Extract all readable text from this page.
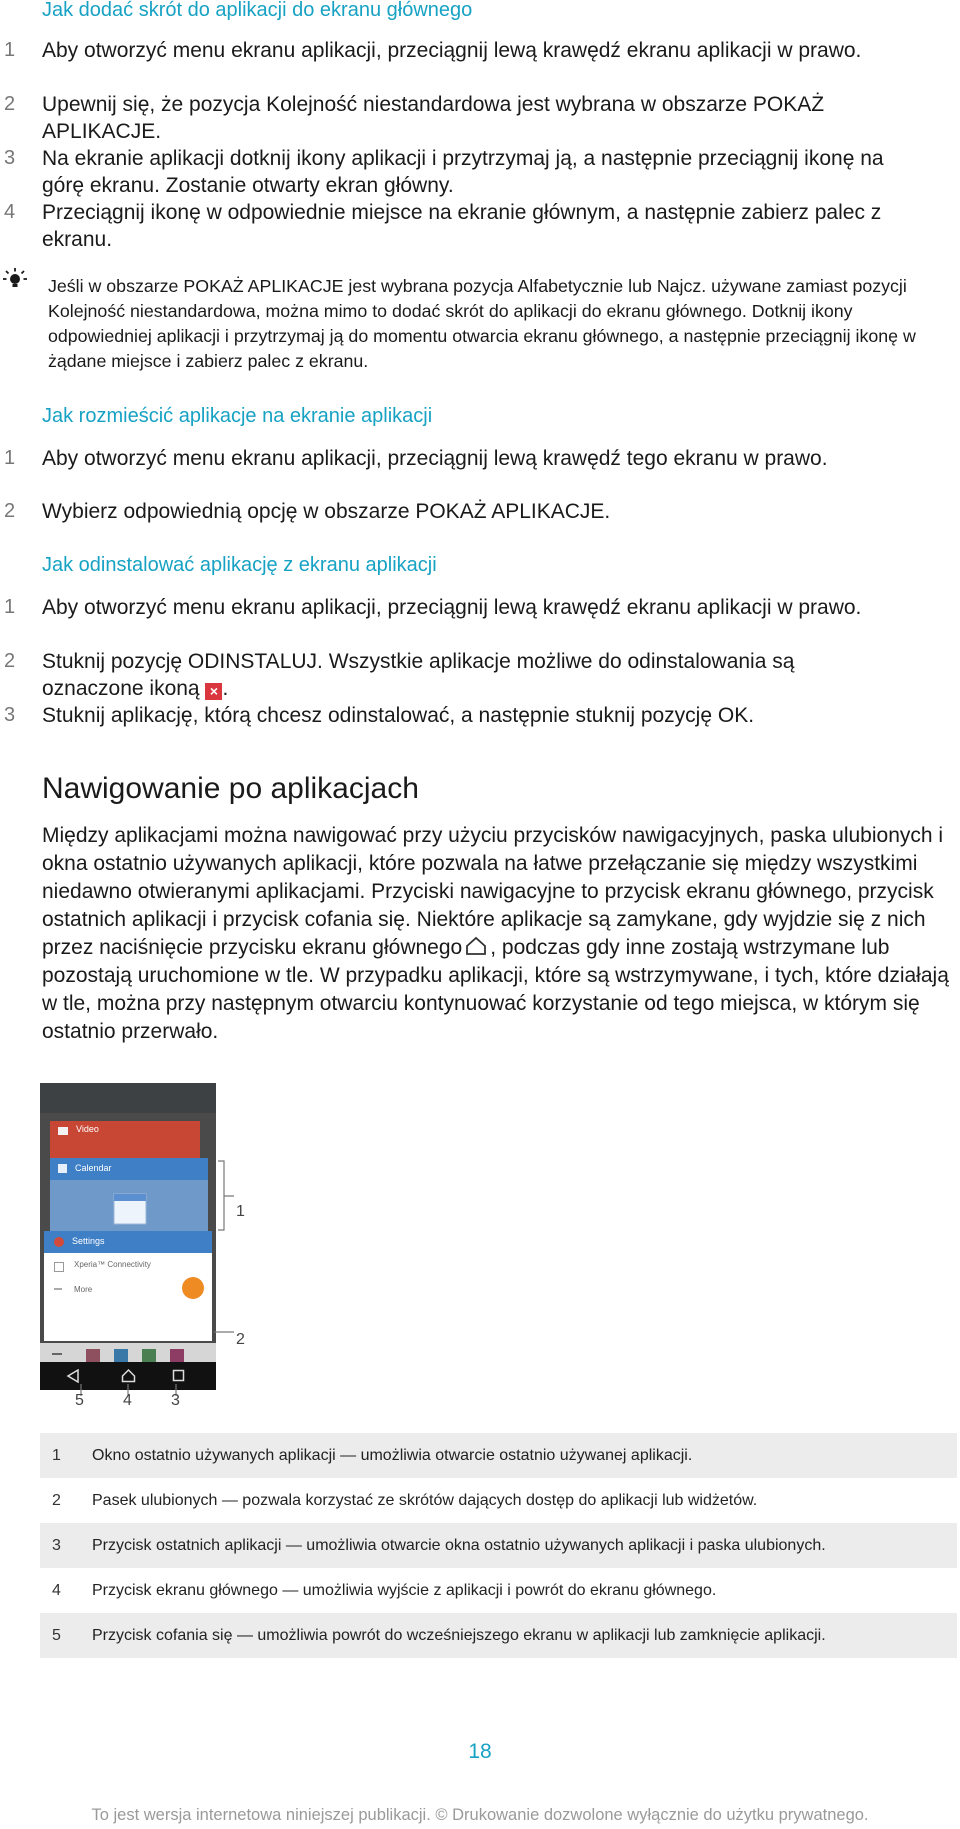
Jak dodać skrót do aplikacji do ekranu głównego
1	Aby otworzyć menu ekranu aplikacji, przeciągnij lewą krawędź ekranu aplikacji w prawo.
2	Upewnij się, że pozycja Kolejność niestandardowa jest wybrana w obszarze POKAŻ APLIKACJE.
3	Na ekranie aplikacji dotknij ikony aplikacji i przytrzymaj ją, a następnie przeciągnij ikonę na górę ekranu. Zostanie otwarty ekran główny.
4	Przeciągnij ikonę w odpowiednie miejsce na ekranie głównym, a następnie zabierz palec z ekranu.
Jeśli w obszarze POKAŻ APLIKACJE jest wybrana pozycja Alfabetycznie lub Najcz. używane zamiast pozycji Kolejność niestandardowa, można mimo to dodać skrót do aplikacji do ekranu głównego. Dotknij ikony odpowiedniej aplikacji i przytrzymaj ją do momentu otwarcia ekranu głównego, a następnie przeciągnij ikonę w żądane miejsce i zabierz palec z ekranu.
Jak rozmieścić aplikacje na ekranie aplikacji
1	Aby otworzyć menu ekranu aplikacji, przeciągnij lewą krawędź tego ekranu w prawo.
2	Wybierz odpowiednią opcję w obszarze POKAŻ APLIKACJE.
Jak odinstalować aplikację z ekranu aplikacji
1	Aby otworzyć menu ekranu aplikacji, przeciągnij lewą krawędź ekranu aplikacji w prawo.
2	Stuknij pozycję ODINSTALUJ. Wszystkie aplikacje możliwe do odinstalowania są oznaczone ikoną × .
3	Stuknij aplikację, którą chcesz odinstalować, a następnie stuknij pozycję OK.
Nawigowanie po aplikacjach
Między aplikacjami można nawigować przy użyciu przycisków nawigacyjnych, paska ulubionych i okna ostatnio używanych aplikacji, które pozwala na łatwe przełączanie się między wszystkimi niedawno otwieranymi aplikacjami. Przyciski nawigacyjne to przycisk ekranu głównego, przycisk ostatnich aplikacji i przycisk cofania się. Niektóre aplikacje są zamykane, gdy wyjdzie się z nich przez naciśnięcie przycisku ekranu głównego , podczas gdy inne zostają wstrzymane lub pozostają uruchomione w tle. W przypadku aplikacji, które są wstrzymywane, i tych, które działają w tle, można przy następnym otwarciu kontynuować korzystanie od tego miejsca, w którym się ostatnio przerwało.
Video
Calendar
Settings
Xperia™ Connectivity
More
1
2
5 4 3
1 Okno ostatnio używanych aplikacji — umożliwia otwarcie ostatnio używanej aplikacji.
2 Pasek ulubionych — pozwala korzystać ze skrótów dających dostęp do aplikacji lub widżetów.
3 Przycisk ostatnich aplikacji — umożliwia otwarcie okna ostatnio używanych aplikacji i paska ulubionych.
4 Przycisk ekranu głównego — umożliwia wyjście z aplikacji i powrót do ekranu głównego.
5 Przycisk cofania się — umożliwia powrót do wcześniejszego ekranu w aplikacji lub zamknięcie aplikacji.
18
To jest wersja internetowa niniejszej publikacji. © Drukowanie dozwolone wyłącznie do użytku prywatnego.
